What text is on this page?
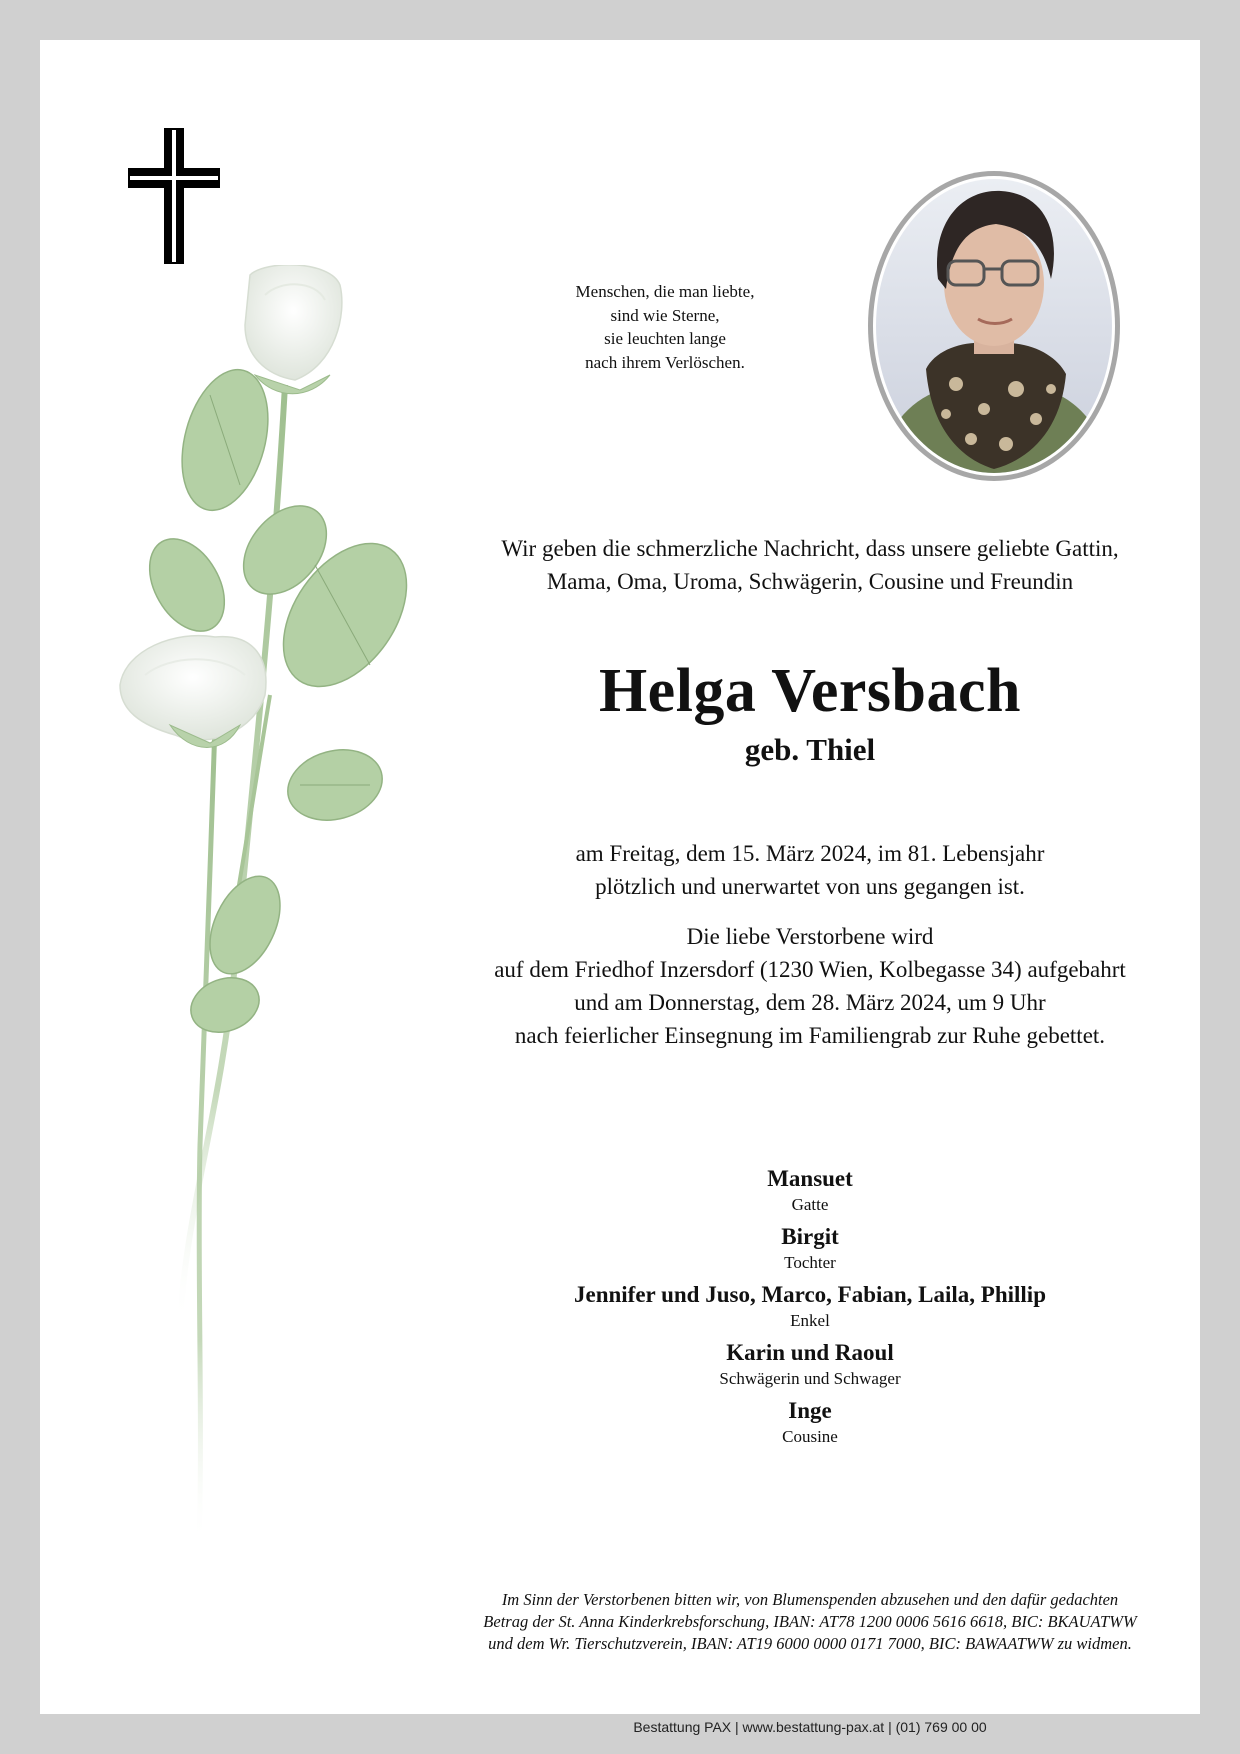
Menschen, die man liebte,
sind wie Sterne,
sie leuchten lange
nach ihrem Verlöschen.
Wir geben die schmerzliche Nachricht, dass unsere geliebte Gattin,
Mama, Oma, Uroma, Schwägerin, Cousine und Freundin
Helga Versbach
geb. Thiel
am Freitag, dem 15. März 2024, im 81. Lebensjahr
plötzlich und unerwartet von uns gegangen ist.
Die liebe Verstorbene wird
auf dem Friedhof Inzersdorf (1230 Wien, Kolbegasse 34) aufgebahrt
und am Donnerstag, dem 28. März 2024, um 9 Uhr
nach feierlicher Einsegnung im Familiengrab zur Ruhe gebettet.
Mansuet
Gatte
Birgit
Tochter
Jennifer und Juso, Marco, Fabian, Laila, Phillip
Enkel
Karin und Raoul
Schwägerin und Schwager
Inge
Cousine
Im Sinn der Verstorbenen bitten wir, von Blumenspenden abzusehen und den dafür gedachten
Betrag der St. Anna Kinderkrebsforschung, IBAN: AT78 1200 0006 5616 6618, BIC: BKAUATWW
und dem Wr. Tierschutzverein, IBAN: AT19 6000 0000 0171 7000, BIC: BAWAATWW zu widmen.
Bestattung PAX | www.bestattung-pax.at | (01) 769 00 00
